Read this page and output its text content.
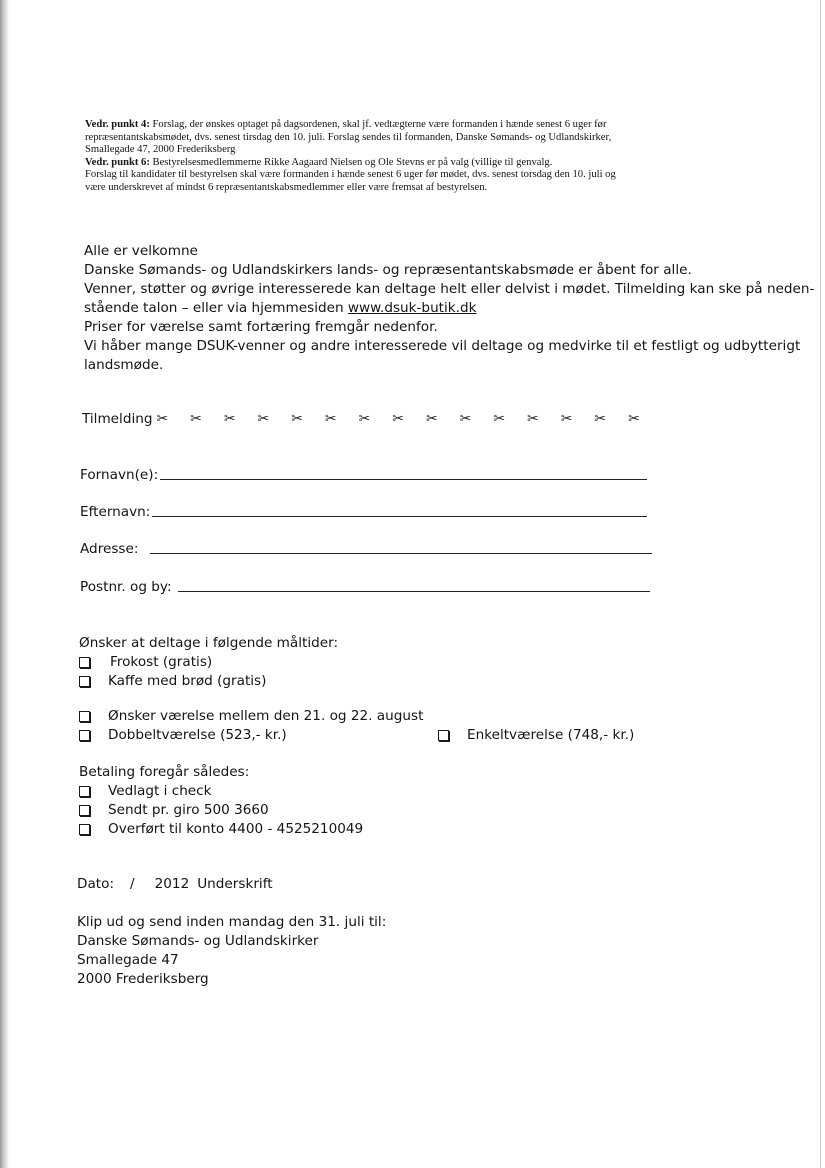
Vedr. punkt 4: Forslag, der ønskes optaget på dagsordenen, skal jf. vedtægterne være formanden i hænde senest 6 uger før
repræsentantskabsmødet, dvs. senest tirsdag den 10. juli. Forslag sendes til formanden, Danske Sømands- og Udlandskirker,
Smallegade 47, 2000 Frederiksberg
Vedr. punkt 6: Bestyrelsesmedlemmerne Rikke Aagaard Nielsen og Ole Stevns er på valg (villige til genvalg.
Forslag til kandidater til bestyrelsen skal være formanden i hænde senest 6 uger før mødet, dvs. senest torsdag den 10. juli og
være underskrevet af mindst 6 repræsentantskabsmedlemmer eller være fremsat af bestyrelsen.
Alle er velkomne
Danske Sømands- og Udlandskirkers lands- og repræsentantskabsmøde er åbent for alle.
Venner, støtter og øvrige interesserede kan deltage helt eller delvist i mødet. Tilmelding kan ske på neden-
stående talon – eller via hjemmesiden www.dsuk-butik.dk
Priser for værelse samt fortæring fremgår nedenfor.
Vi håber mange DSUK-venner og andre interesserede vil deltage og medvirke til et festligt og udbytterigt
landsmøde.
Tilmelding ✂	✂	✂	✂	✂	✂	✂	✂	✂	✂	✂	✂	✂	✂	✂
Fornavn(e):
Efternavn:
Adresse:
Postnr. og by:
Ønsker at deltage i følgende måltider:
Frokost (gratis)
Kaffe med brød (gratis)
Ønsker værelse mellem den 21. og 22. august
Dobbeltværelse (523,- kr.)	Enkeltværelse (748,- kr.)
Betaling foregår således:
Vedlagt i check
Sendt pr. giro 500 3660
Overført til konto 4400 - 4525210049
Dato: / 2012 Underskrift
Klip ud og send inden mandag den 31. juli til:
Danske Sømands- og Udlandskirker
Smallegade 47
2000 Frederiksberg
